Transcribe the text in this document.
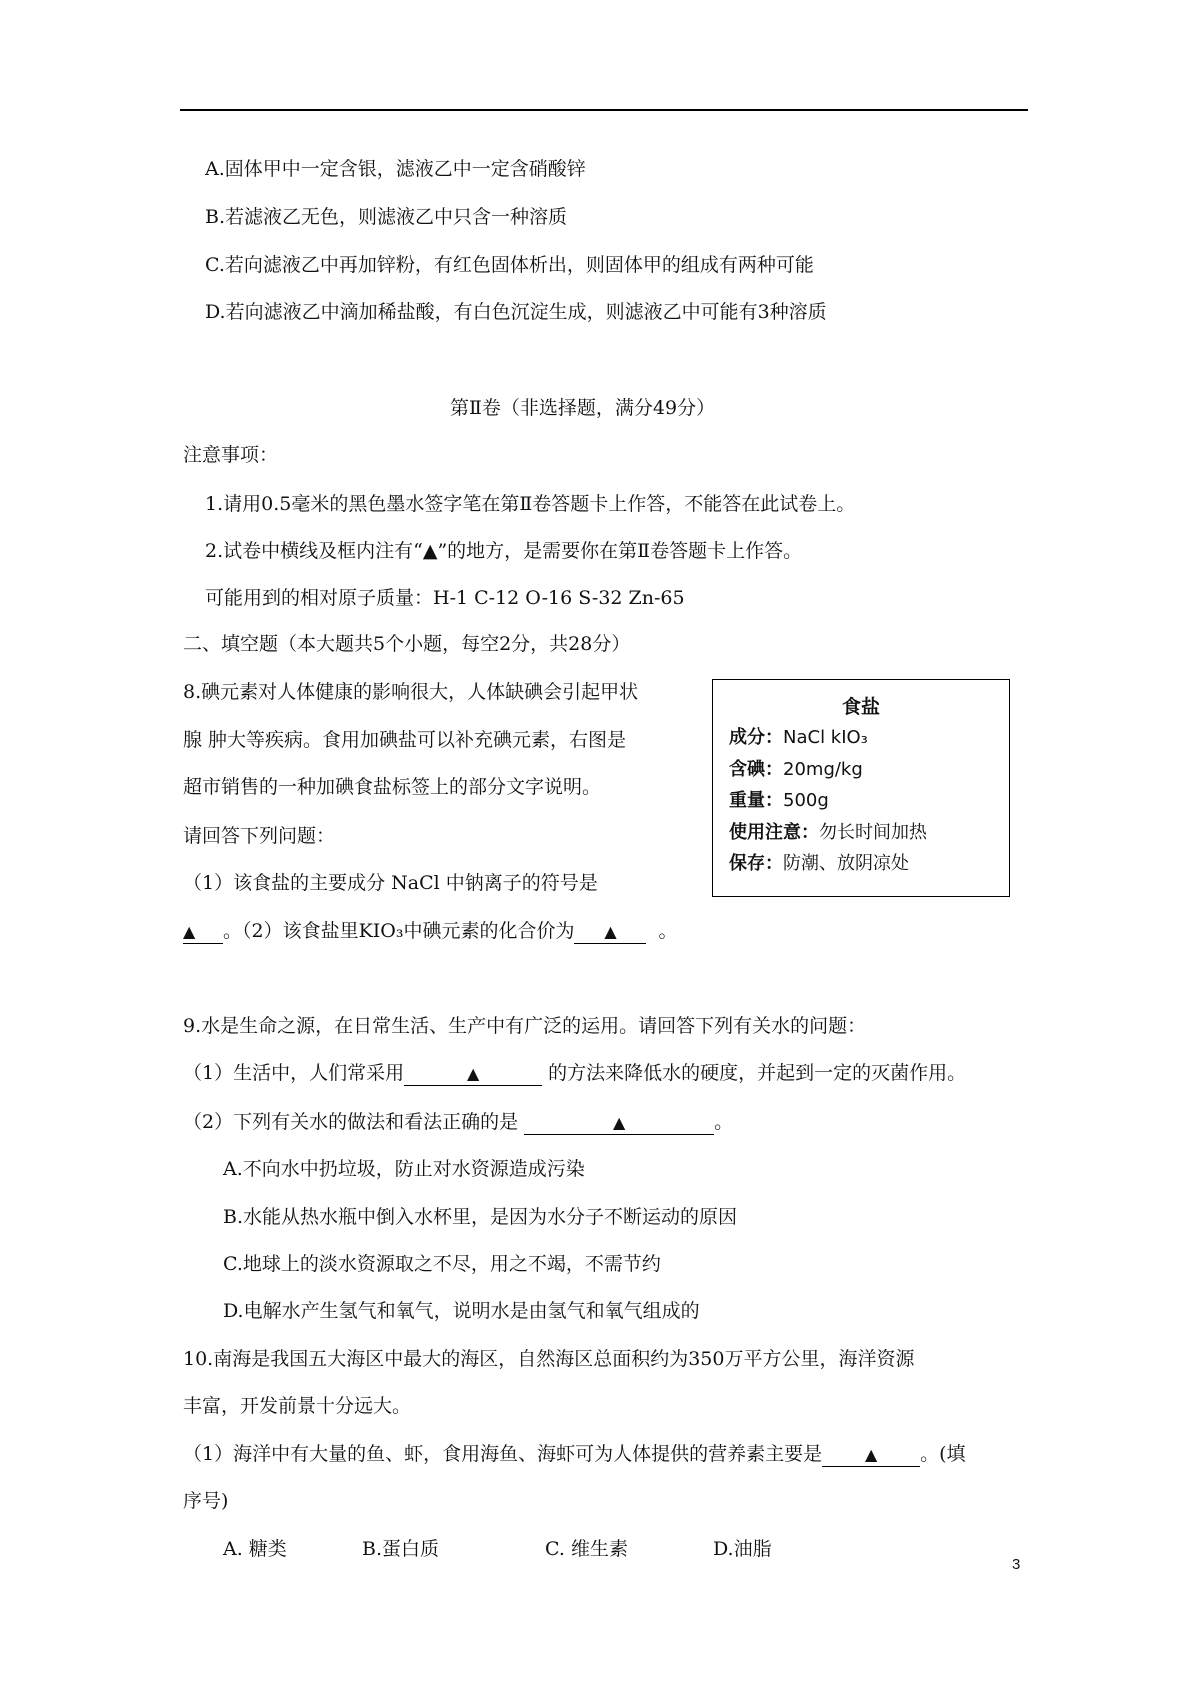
A.固体甲中一定含银，滤液乙中一定含硝酸锌
B.若滤液乙无色，则滤液乙中只含一种溶质
C.若向滤液乙中再加锌粉，有红色固体析出，则固体甲的组成有两种可能
D.若向滤液乙中滴加稀盐酸，有白色沉淀生成，则滤液乙中可能有3种溶质
第Ⅱ卷（非选择题，满分49分）
注意事项：
1.请用0.5毫米的黑色墨水签字笔在第Ⅱ卷答题卡上作答，不能答在此试卷上。
2.试卷中横线及框内注有“▲”的地方，是需要你在第Ⅱ卷答题卡上作答。
可能用到的相对原子质量：H-1 C-12 O-16 S-32 Zn-65
二、填空题（本大题共5个小题，每空2分，共28分）
8.碘元素对人体健康的影响很大，人体缺碘会引起甲状
腺 肿大等疾病。食用加碘盐可以补充碘元素，右图是
超市销售的一种加碘食盐标签上的部分文字说明。
请回答下列问题：
（1）该食盐的主要成分 NaCl 中钠离子的符号是
▲ 。（2）该食盐里KIO₃中碘元素的化合价为 ▲ 。
食盐
成分：NaCl kIO₃
含碘：20mg/kg
重量：500g
使用注意：勿长时间加热
保存：防潮、放阴凉处
9.水是生命之源，在日常生活、生产中有广泛的运用。请回答下列有关水的问题：
（1）生活中，人们常采用	▲	的方法来降低水的硬度，并起到一定的灭菌作用。
（2）下列有关水的做法和看法正确的是	▲	。
A.不向水中扔垃圾，防止对水资源造成污染
B.水能从热水瓶中倒入水杯里，是因为水分子不断运动的原因
C.地球上的淡水资源取之不尽，用之不竭，不需节约
D.电解水产生氢气和氧气，说明水是由氢气和氧气组成的
10.南海是我国五大海区中最大的海区，自然海区总面积约为350万平方公里，海洋资源
丰富，开发前景十分远大。
（1）海洋中有大量的鱼、虾，食用海鱼、海虾可为人体提供的营养素主要是	▲ 。(填
序号)
A. 糖类	B.蛋白质	C. 维生素	D.油脂
3
